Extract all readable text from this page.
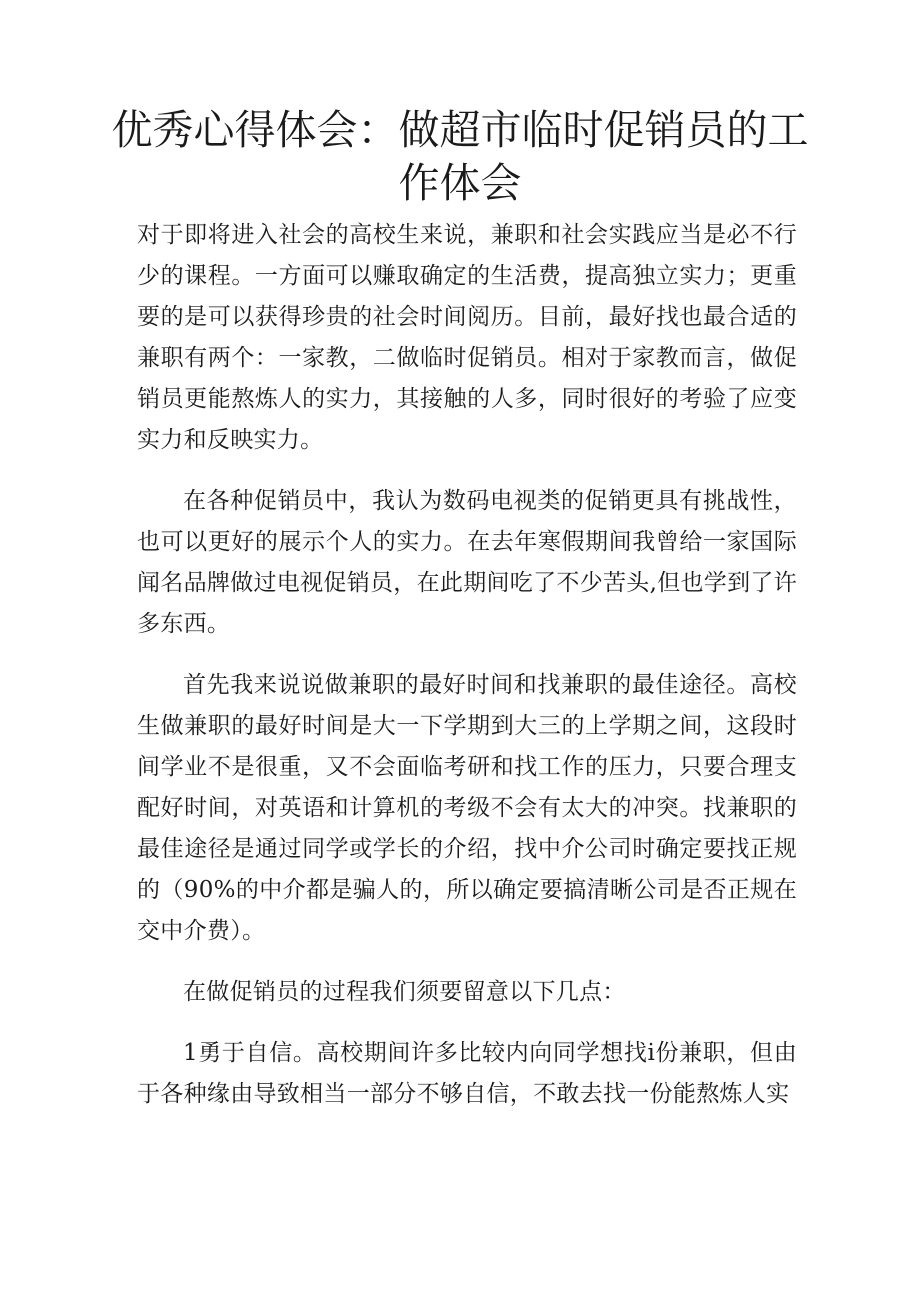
优秀心得体会：做超市临时促销员的工作体会

对于即将进入社会的高校生来说，兼职和社会实践应当是必不行少的课程。一方面可以赚取确定的生活费，提高独立实力；更重要的是可以获得珍贵的社会时间阅历。目前，最好找也最合适的兼职有两个：一家教，二做临时促销员。相对于家教而言，做促销员更能熬炼人的实力，其接触的人多，同时很好的考验了应变实力和反映实力。

在各种促销员中，我认为数码电视类的促销更具有挑战性，也可以更好的展示个人的实力。在去年寒假期间我曾给一家国际闻名品牌做过电视促销员，在此期间吃了不少苦头,但也学到了许多东西。

首先我来说说做兼职的最好时间和找兼职的最佳途径。高校生做兼职的最好时间是大一下学期到大三的上学期之间，这段时间学业不是很重，又不会面临考研和找工作的压力，只要合理支配好时间，对英语和计算机的考级不会有太大的冲突。找兼职的最佳途径是通过同学或学长的介绍，找中介公司时确定要找正规的（90%的中介都是骗人的，所以确定要搞清晰公司是否正规在交中介费）。

在做促销员的过程我们须要留意以下几点：

1勇于自信。高校期间许多比较内向同学想找i份兼职，但由于各种缘由导致相当一部分不够自信，不敢去找一份能熬炼人实
